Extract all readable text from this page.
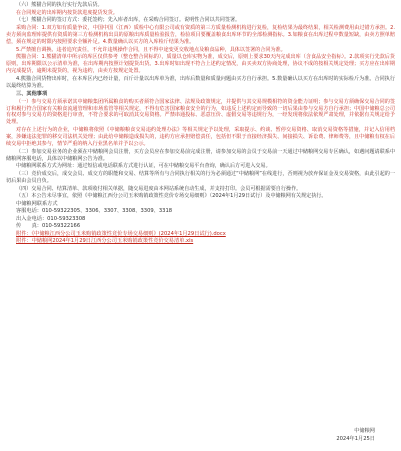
（六）熊猫合同的执行实行先款后货。

在合同规定的出库期内按货款进度提货发货。

（七）熊猫合同的签订方式：委托签约；先入库者出库，在采购合同签订。说明性合同以共同签署。

采购合同：1.双方如有质量争议，中国中国（江西）质检中心有限公司或有资质的第三方质量检测机构进行复检，复检结果为最终结果，相关检测费用由过错方承担。2.卖方须向监理库提供有资质的第三方检测机构出具的原粮出库质量检验报告，检验项目要覆盖粮食出库环节的全部检测指标。3.如粮食在出库过程中数量短缺，由卖方照单赔偿，须在规定的时限内按照要求全额补足。4.数量确认以买方的入库检斤结果为准。

5.严禁擅自调换、违者追究责任，不允许违规操作合同，且不得中途变更交收地点及粮食品种，具体以签署的合同为准。

熊猫合同：1.熊猫清单中所示的库区仅供参考（整仓整合同标的），质量以仓库实物为准，成交后，原则上要求30天内完成出库（含食品安全指标）。2.款项实行先款后货原则，出库期限以公示清单为准，在出库期内按照计划提货出货。3.出库时如出现不符合上述约定情况，由买卖双方协商处理，协议不成的按相关规定处理；买方应在出库期内完成提货，逾期未提货的，视为违约，由卖方按规定处置。

4.熊猫合同货物出库时，在本库区内已经计量，百斤计量以出库单为准，出库后数量和质量问题由买方自行承担。5.数量确认以买方在出库时的实际检斤为准。合同执行以最终结算为准。

三、其他事项

（一）参与交易方须承诺其中储粮集团所属粮食的购买者须符合国家法律、法规及政策规定，并提供与其交易规模相符的资金能力证明；参与交易方须确保交易合同的签订和履行符合国家有关粮食流通管理和市场监管等相关规定，不得有危害国家粮食安全的行为，如违反上述约定而导致的一切后果由参与交易方自行承担；中国中储粮总公司有权对参与交易方的资格进行审查，不符合要求的可取消其交易资格。严禁串通投标、恶意压价、虚假交易等违规行为，一经发现将依法依规严肃处理，并依据有关规定给予处理。

对存在上述行为的企业，中储粮将依照《中储粮粮食交易违约处理办法》等相关规定予以处理，采取提示、约谈、暂停交易资格、取消交易资格等措施，并记入信用档案，涉嫌违法犯罪的移交司法机关处理；由此给中储粮造成损失的，违约方应承担赔偿责任，包括但不限于直接经济损失、间接损失、诉讼费、律师费等，且中储粮有权在后续交易中拒绝其参与，情节严重的纳入行业黑名单并予以公示。

（二）参加交易业务的企业须在中储粮网会员注册，买方会员应在参加交易前完成注册，请参加交易的会员于交易前一天通过中储粮网交易专区确认，如遇问题请联系中储粮网客服电话，具体以中储粮网公告为准。

中储粮网联系方式为网址：通过短信或电话联系方式进行认证，可在中储粮交易平台查询，确认后方可进入交易。

（三）竞价成交后，成交会员、成交方的职能和交易、结算等所有与合同执行相关的行为必须通过“中储粮网”在线进行，否则视为放弃保证金及交易资格，由此引起的一切后果由会员自负。

（四）交易合同、结算清单、款项收付相关单据，随交易进度由本网站系统自动生成，并支持打印。会员可根据需要自行操作。

（五）本公告未尽事宜，依照《中储粮江西分公司玉米购销政策性竞价专场交易细则》（2024年1月29日试行）及中储粮网有关规定执行。

中储粮网联系方式

客服电话：010-59322305、3306、3307、3308、3309、3318

出入金电话：010-59323308

传　　真：010-59322166

附件：《中储粮江西分公司玉米购销政策性竞价专场交易细则》(2024年1月29日试行).docx

附件：中储粮网2024年1月29日江西分公司玉米购销政策性竞价交易清单.xls

中储粮网
2024年1月25日
